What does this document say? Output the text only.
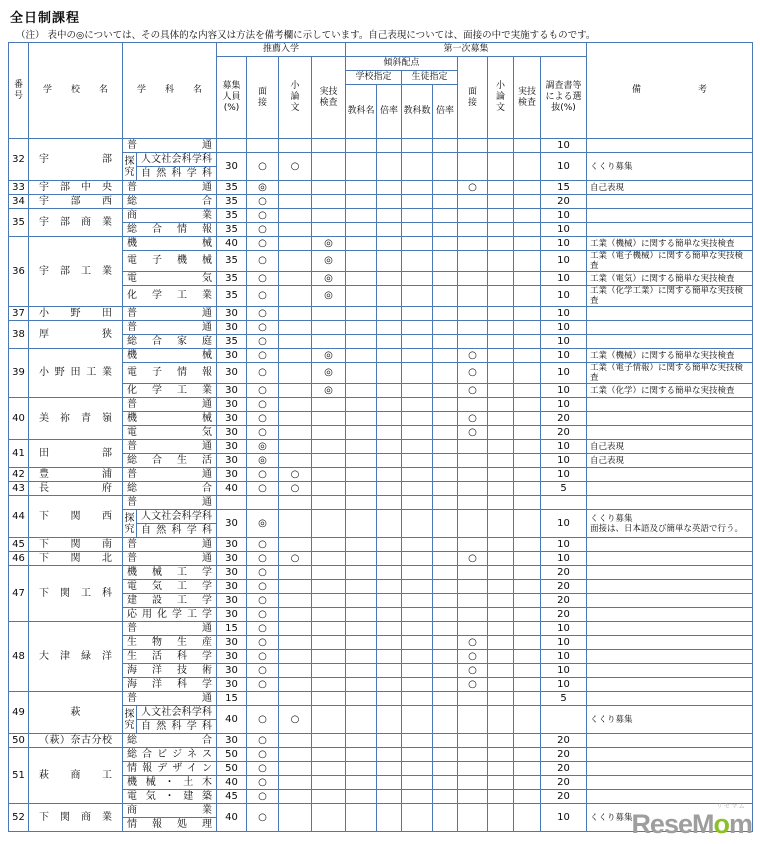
全日制課程
（注） 表中の◎については、その具体的な内容又は方法を備考欄に示しています。自己表現については、面接の中で実施するものです。
番号	学校名	学科名		推薦入学				第一次募集								備考

				募集人員(%)	面接	小論文	実技検査	傾斜配点				面接	小論文	実技検査	調査書等による選抜(%)	

								学校指定		生徒指定						
								教科名	倍率	教科数	倍率					
32	宇部	普通													10	

		探究	人文社会科学科	30	○	○									10	くくり募集

			自然科学科													
33	宇部中央	普通		35	◎							○			15	自己表現

34	宇部西	総合		35	○										20	
35	宇部商業	商業		35	○										10	
		総合情報		35	○										10	
36	宇部工業	機械		40	○		◎								10	工業（機械）に関する簡単な実技検査

		電子機械		35	○		◎								10	工業（電子機械）に関する簡単な実技検査

		電気		35	○		◎								10	工業（電気）に関する簡単な実技検査

		化学工業		35	○		◎								10	工業（化学工業）に関する簡単な実技検査

37	小野田	普通		30	○										10	
38	厚狭	普通		30	○										10	
		総合家庭		35	○										10	
39	小野田工業	機械		30	○		◎					○			10	工業（機械）に関する簡単な実技検査

		電子情報		30	○		◎					○			10	工業（電子情報）に関する簡単な実技検査

		化学工業		30	○		◎					○			10	工業（化学）に関する簡単な実技検査

40	美祢青嶺	普通		30	○										10	
		機械		30	○							○			20	
		電気		30	○							○			20	
41	田部	普通		30	◎										10	自己表現

		総合生活		30	◎										10	自己表現

42	豊浦	普通		30	○	○									10	
43	長府	総合		40	○	○									5	
44	下関西	普通														

		探究	人文社会科学科	30	◎										10	くくり募集
面接は、日本語及び簡単な英語で行う。

			自然科学科													
45	下関南	普通		30	○										10	
46	下関北	普通		30	○	○						○			10	
47	下関工科	機械工学		30	○										20	
		電気工学		30	○										20	
		建設工学		30	○										20	
		応用化学工学		30	○										20	
48	大津緑洋	普通		15	○										10	
		生物生産		30	○							○			10	
		生活科学		30	○							○			10	
		海洋技術		30	○							○			10	
		海洋科学		30	○							○			10	
49	萩	普通		15											5	

		探究	人文社会科学科	40	○	○										くくり募集

			自然科学科													
50	（萩）奈古分校	総合		30	○										20	
51	萩商工	総合ビジネス		50	○										20	
		情報デザイン		50	○										20	
		機械・土木		40	○										20	
		電気・建築		45	○										20	
52	下関商業	商業		40	○										10	くくり募集

		情報処理														
リセマム
ReseMom
